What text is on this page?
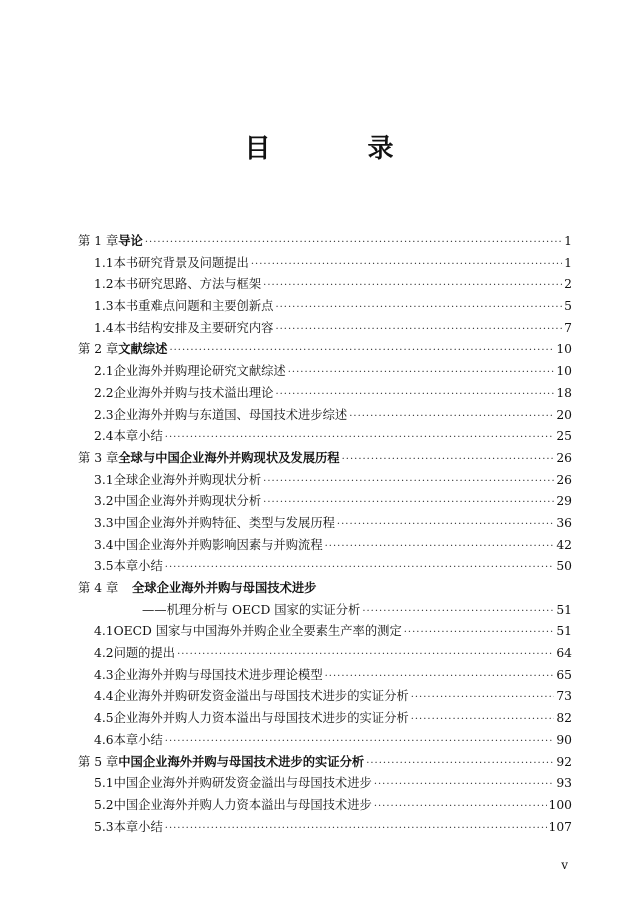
目 录
第 1 章 导论 ·····	1
1.1 本书研究背景及问题提出 ·····	1
1.2 本书研究思路、方法与框架 ·····	2
1.3 本书重难点问题和主要创新点 ·····	5
1.4 本书结构安排及主要研究内容 ·····	7
第 2 章 文献综述 ·····	10
2.1 企业海外并购理论研究文献综述 ·····	10
2.2 企业海外并购与技术溢出理论 ·····	18
2.3 企业海外并购与东道国、母国技术进步综述 ·····	20
2.4 本章小结 ·····	25
第 3 章 全球与中国企业海外并购现状及发展历程 ·····	26
3.1 全球企业海外并购现状分析 ·····	26
3.2 中国企业海外并购现状分析 ·····	29
3.3 中国企业海外并购特征、类型与发展历程 ·····	36
3.4 中国企业海外并购影响因素与并购流程 ·····	42
3.5 本章小结 ·····	50
第 4 章	全球企业海外并购与母国技术进步
——机理分析与 OECD 国家的实证分析 ·····	51
4.1 OECD 国家与中国海外并购企业全要素生产率的测定 ·····	51
4.2 问题的提出 ·····	64
4.3 企业海外并购与母国技术进步理论模型 ·····	65
4.4 企业海外并购研发资金溢出与母国技术进步的实证分析 ·····	73
4.5 企业海外并购人力资本溢出与母国技术进步的实证分析 ·····	82
4.6 本章小结 ·····	90
第 5 章 中国企业海外并购与母国技术进步的实证分析 ·····	92
5.1 中国企业海外并购研发资金溢出与母国技术进步 ·····	93
5.2 中国企业海外并购人力资本溢出与母国技术进步 ·····	100
5.3 本章小结 ·····	107
v
